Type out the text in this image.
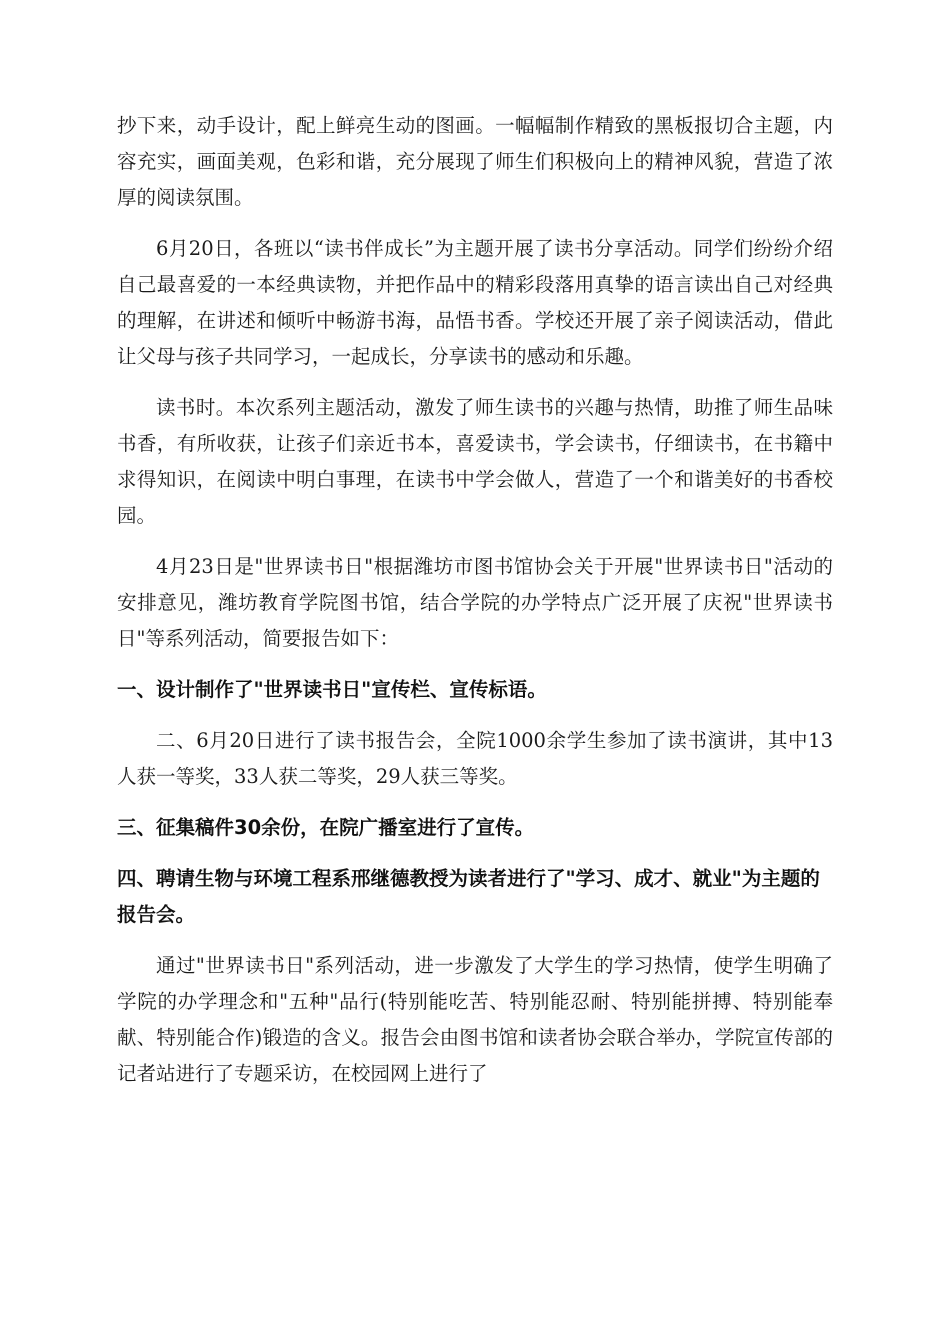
抄下来，动手设计，配上鲜亮生动的图画。一幅幅制作精致的黑板报切合主题，内容充实，画面美观，色彩和谐，充分展现了师生们积极向上的精神风貌，营造了浓厚的阅读氛围。

6月20日，各班以“读书伴成长”为主题开展了读书分享活动。同学们纷纷介绍自己最喜爱的一本经典读物，并把作品中的精彩段落用真挚的语言读出自己对经典的理解，在讲述和倾听中畅游书海，品悟书香。学校还开展了亲子阅读活动，借此让父母与孩子共同学习，一起成长，分享读书的感动和乐趣。

读书时。本次系列主题活动，激发了师生读书的兴趣与热情，助推了师生品味书香，有所收获，让孩子们亲近书本，喜爱读书，学会读书，仔细读书，在书籍中求得知识，在阅读中明白事理，在读书中学会做人，营造了一个和谐美好的书香校园。

4月23日是"世界读书日"根据潍坊市图书馆协会关于开展"世界读书日"活动的安排意见，潍坊教育学院图书馆，结合学院的办学特点广泛开展了庆祝"世界读书日"等系列活动，简要报告如下：

一、设计制作了"世界读书日"宣传栏、宣传标语。

二、6月20日进行了读书报告会，全院1000余学生参加了读书演讲，其中13人获一等奖，33人获二等奖，29人获三等奖。

三、征集稿件30余份，在院广播室进行了宣传。

四、聘请生物与环境工程系邢继德教授为读者进行了"学习、成才、就业"为主题的报告会。

通过"世界读书日"系列活动，进一步激发了大学生的学习热情，使学生明确了学院的办学理念和"五种"品行(特别能吃苦、特别能忍耐、特别能拼搏、特别能奉献、特别能合作)锻造的含义。报告会由图书馆和读者协会联合举办，学院宣传部的记者站进行了专题采访，在校园网上进行了
